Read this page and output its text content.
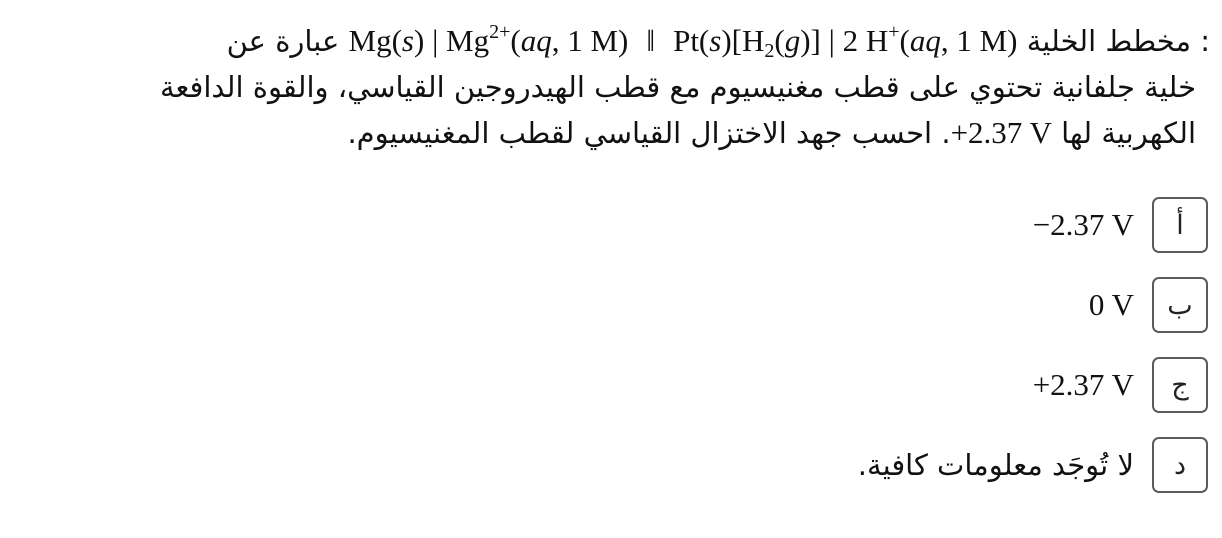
: مخطط الخلية Mg(s) | $Mg^{2+}(aq$, 1 M) ‖ $Pt(s)[H_2(g)]$ | 2 H+(aq, 1 M) عبارة عن
خلية جلفانية تحتوي على قطب مغنيسيوم مع قطب الهيدروجين القياسي، والقوة الدافعة
الكهربية لها +2.37 V. احسب جهد الاختزال القياسي لقطب المغنيسيوم.
أ
−2.37 V
ب
0 V
ج
+2.37 V
د
لا تُوجَد معلومات كافية.
